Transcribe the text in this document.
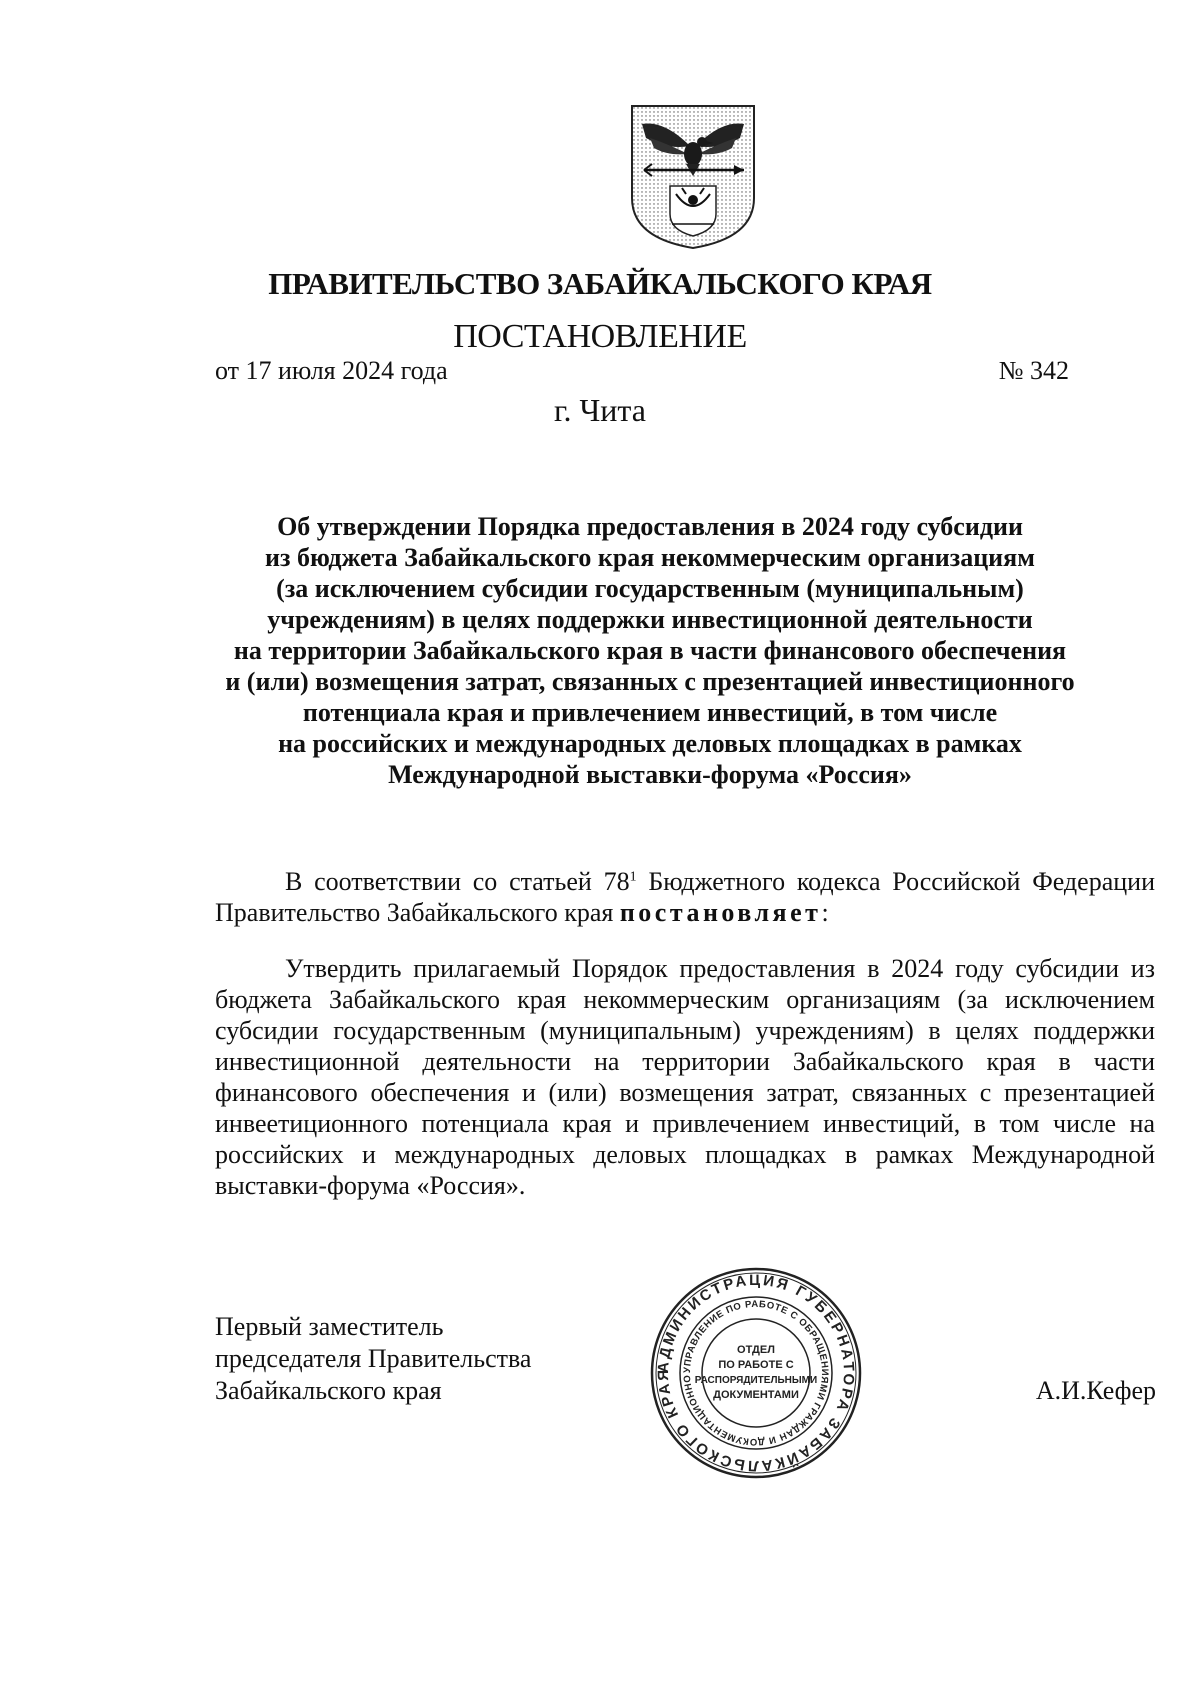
ПРАВИТЕЛЬСТВО ЗАБАЙКАЛЬСКОГО КРАЯ
ПОСТАНОВЛЕНИЕ
от 17 июля 2024 года	№ 342
г. Чита
Об утверждении Порядка предоставления в 2024 году субсидии
из бюджета Забайкальского края некоммерческим организациям
(за исключением субсидии государственным (муниципальным)
учреждениям) в целях поддержки инвестиционной деятельности
на территории Забайкальского края в части финансового обеспечения
и (или) возмещения затрат, связанных с презентацией инвестиционного
потенциала края и привлечением инвестиций, в том числе
на российских и международных деловых площадках в рамках
Международной выставки-форума «Россия»

В соответствии со статьей $78^1$ Бюджетного кодекса Российской Федерации Правительство Забайкальского края постановляет:

Утвердить прилагаемый Порядок предоставления в 2024 году субсидии из бюджета Забайкальского края некоммерческим организациям (за исключением субсидии государственным (муниципальным) учреждениям) в целях поддержки инвестиционной деятельности на территории Забайкальского края в части финансового обеспечения и (или) возмещения затрат, связанных с презентацией инвеетиционного потенциала края и привлечением инвестиций, в том числе на российских и международных деловых площадках в рамках Международной выставки-форума «Россия».

Первый заместитель
председателя Правительства
Забайкальского края	А.И.Кефер
АДМИНИСТРАЦИЯ ГУБЕРНАТОРА ЗАБАЙКАЛЬСКОГО КРАЯ	УПРАВЛЕНИЕ ПО РАБОТЕ С ОБРАЩЕНИЯМИ ГРАЖДАН И ДОКУМЕНТАЦИОННО
ОТДЕЛ
ПО РАБОТЕ С
РАСПОРЯДИТЕЛЬНЫМИ
ДОКУМЕНТАМИ
